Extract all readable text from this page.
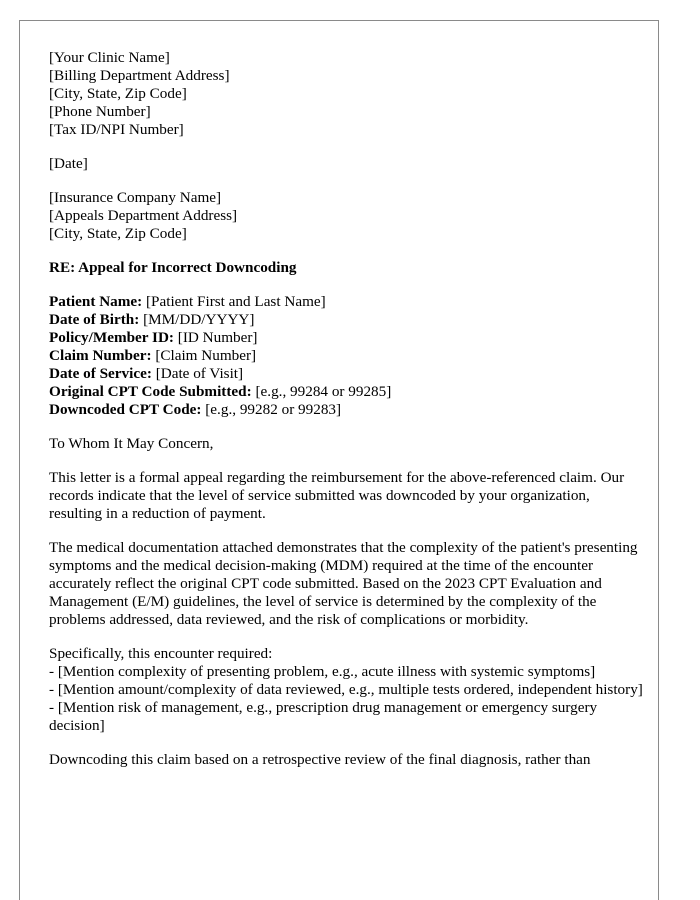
[Your Clinic Name]
[Billing Department Address]
[City, State, Zip Code]
[Phone Number]
[Tax ID/NPI Number]
[Date]
[Insurance Company Name]
[Appeals Department Address]
[City, State, Zip Code]
RE: Appeal for Incorrect Downcoding
Patient Name: [Patient First and Last Name]
Date of Birth: [MM/DD/YYYY]
Policy/Member ID: [ID Number]
Claim Number: [Claim Number]
Date of Service: [Date of Visit]
Original CPT Code Submitted: [e.g., 99284 or 99285]
Downcoded CPT Code: [e.g., 99282 or 99283]
To Whom It May Concern,

This letter is a formal appeal regarding the reimbursement for the above-referenced claim. Our records indicate that the level of service submitted was downcoded by your organization, resulting in a reduction of payment.

The medical documentation attached demonstrates that the complexity of the patient's presenting symptoms and the medical decision-making (MDM) required at the time of the encounter accurately reflect the original CPT code submitted. Based on the 2023 CPT Evaluation and Management (E/M) guidelines, the level of service is determined by the complexity of the problems addressed, data reviewed, and the risk of complications or morbidity.

Specifically, this encounter required:
- [Mention complexity of presenting problem, e.g., acute illness with systemic symptoms]
- [Mention amount/complexity of data reviewed, e.g., multiple tests ordered, independent history]
- [Mention risk of management, e.g., prescription drug management or emergency surgery decision]

Downcoding this claim based on a retrospective review of the final diagnosis, rather than
